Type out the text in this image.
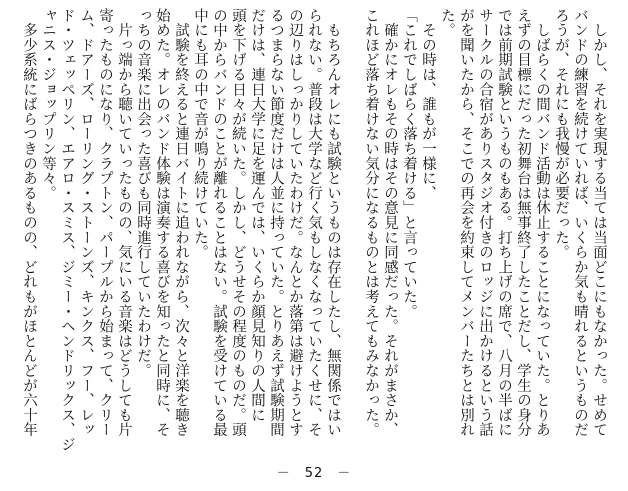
　しかし、それを実現する当ては当面どこにもなかった。せめて
バンドの練習を続けていれば、いくらか気も晴れるというものだ
ろうが、それにも我慢が必要だった。
　しばらくの間バンド活動は休止することになっていた。とりあ
えずの目標にだった初舞台は無事終了したことだし、学生の身分
では前期試験というものもある。打ち上げの席で、八月の半ばに
サークルの合宿がありスタジオ付きのロッジに出かけるという話
がを聞いたから、そこでの再会を約束してメンバーたちとは別れ
た。
　その時は、誰もが一様に、
「これでしばらく落ち着ける」と言っていた。
　確かにオレもその時はその意見に同感だった。それがまさか、
これほど落ち着けない気分になるものとは考えてもみなかった。
　もちろんオレにも試験というものは存在したし、無関係ではい
られない。普段は大学など行く気もしなくなっていたくせに、そ
の辺りはしっかりしていたわけだ。なんとか落第は避けようとす
るつまらない節度だけは人並に持っていた。とりあえず試験期間
だけは、連日大学に足を運んでは、いくらか顔見知りの人間に
頭を下げる日々が続いた。しかし、どうせその程度のものだ。頭
の中からバンドのことが離れることはない。試験を受けている最
中にも耳の中で音が鳴り続けていた。
　試験を終えると連日バイトに追われながら、次々と洋楽を聴き
始めた。オレのバンド体験は演奏する喜びを知ったと同時に、そ
っちの音楽に出会った喜びも同時進行していたわけだ。
　片っ端から聴いていったものの、気にいる音楽はどうしても片
寄ったものになり、クラプトン、パープルから始まって、クリー
ム、ドアーズ、ローリング・ストーンズ、キンクス、フー、レッ
ド・ツェッペリン、エアロ・スミス、ジミー・ヘンドリックス、ジ
ャニス・ジョップリン等々。
　多少系統にばらつきのあるものの、どれもがほとんどが六十年
－　52　－
